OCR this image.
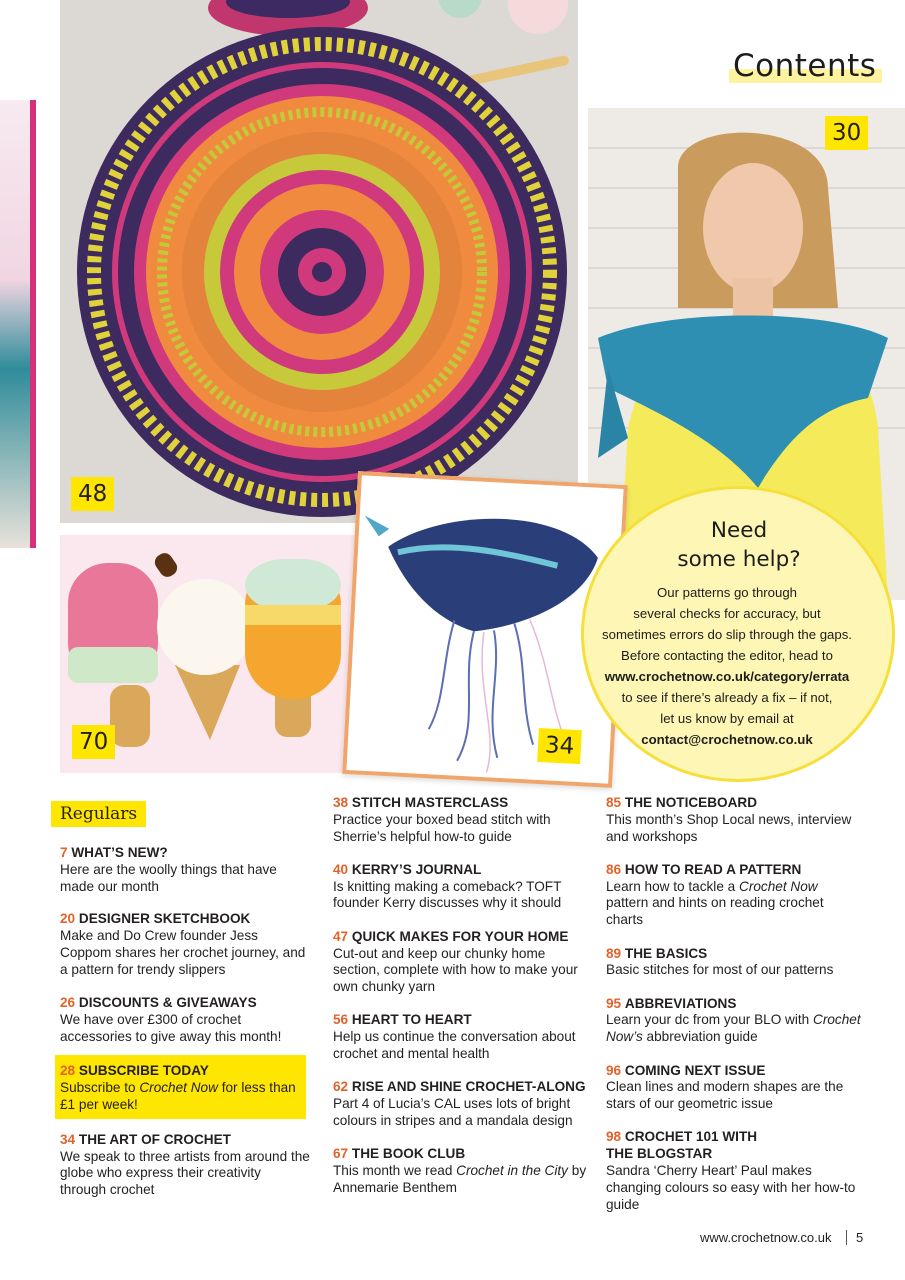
48
30
Contents
70	34
Need
some help?
Our patterns go through
several checks for accuracy, but
sometimes errors do slip through the gaps.
Before contacting the editor, head to
www.crochetnow.co.uk/category/errata
to see if there’s already a fix – if not,
let us know by email at
contact@crochetnow.co.uk
Regulars
7 WHAT’S NEW?
Here are the woolly things that have made our month
20 DESIGNER SKETCHBOOK
Make and Do Crew founder Jess Coppom shares her crochet journey, and a pattern for trendy slippers
26 DISCOUNTS & GIVEAWAYS
We have over £300 of crochet accessories to give away this month!
28 SUBSCRIBE TODAY
Subscribe to Crochet Now for less than £1 per week!
34 THE ART OF CROCHET
We speak to three artists from around the globe who express their creativity through crochet
38 STITCH MASTERCLASS
Practice your boxed bead stitch with Sherrie’s helpful how-to guide
40 KERRY’S JOURNAL
Is knitting making a comeback? TOFT founder Kerry discusses why it should
47 QUICK MAKES FOR YOUR HOME
Cut-out and keep our chunky home section, complete with how to make your own chunky yarn
56 HEART TO HEART
Help us continue the conversation about crochet and mental health
62 RISE AND SHINE CROCHET-ALONG
Part 4 of Lucia’s CAL uses lots of bright colours in stripes and a mandala design
67 THE BOOK CLUB
This month we read Crochet in the City by Annemarie Benthem
85 THE NOTICEBOARD
This month’s Shop Local news, interview and workshops
86 HOW TO READ A PATTERN
Learn how to tackle a Crochet Now pattern and hints on reading crochet charts
89 THE BASICS
Basic stitches for most of our patterns
95 ABBREVIATIONS
Learn your dc from your BLO with Crochet Now’s abbreviation guide
96 COMING NEXT ISSUE
Clean lines and modern shapes are the stars of our geometric issue
98 CROCHET 101 WITH THE BLOGSTAR
Sandra ‘Cherry Heart’ Paul makes changing colours so easy with her how-to guide
www.crochetnow.co.uk 5
